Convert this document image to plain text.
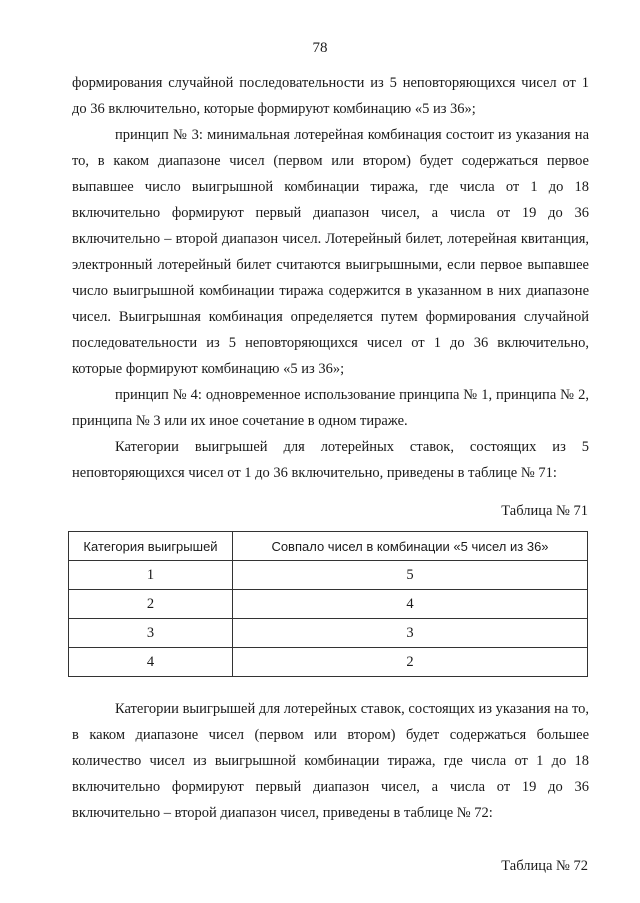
78

формирования случайной последовательности из 5 неповторяющихся чисел от 1 до 36 включительно, которые формируют комбинацию «5 из 36»;

принцип № 3: минимальная лотерейная комбинация состоит из указания на то, в каком диапазоне чисел (первом или втором) будет содержаться первое выпавшее число выигрышной комбинации тиража, где числа от 1 до 18 включительно формируют первый диапазон чисел, а числа от 19 до 36 включительно – второй диапазон чисел. Лотерейный билет, лотерейная квитанция, электронный лотерейный билет считаются выигрышными, если первое выпавшее число выигрышной комбинации тиража содержится в указанном в них диапазоне чисел. Выигрышная комбинация определяется путем формирования случайной последовательности из 5 неповторяющихся чисел от 1 до 36 включительно, которые формируют комбинацию «5 из 36»;

принцип № 4: одновременное использование принципа № 1, принципа № 2, принципа № 3 или их иное сочетание в одном тираже.

Категории выигрышей для лотерейных ставок, состоящих из 5 неповторяющихся чисел от 1 до 36 включительно, приведены в таблице № 71:

Таблица № 71
Категория выигрышей	Совпало чисел в комбинации «5 чисел из 36»
1	5
2	4
3	3
4	2

Категории выигрышей для лотерейных ставок, состоящих из указания на то, в каком диапазоне чисел (первом или втором) будет содержаться большее количество чисел из выигрышной комбинации тиража, где числа от 1 до 18 включительно формируют первый диапазон чисел, а числа от 19 до 36 включительно – второй диапазон чисел, приведены в таблице № 72:

Таблица № 72
